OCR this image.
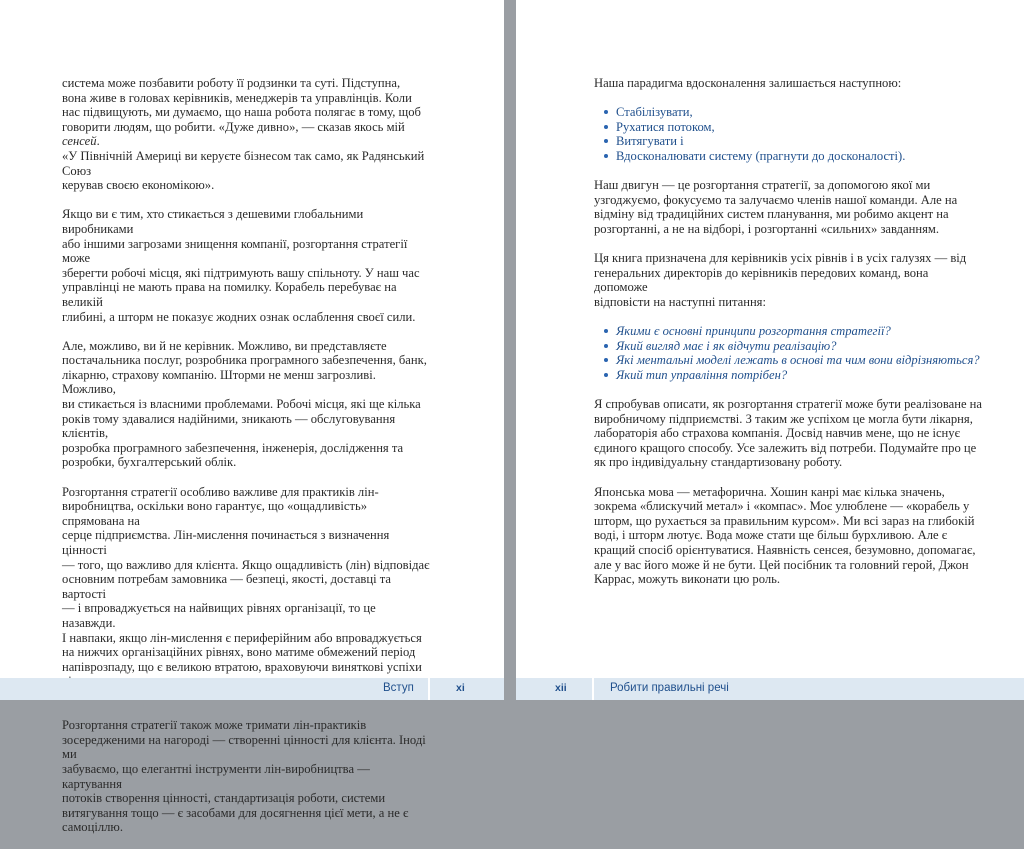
система може позбавити роботу її родзинки та суті. Підступна,
вона живе в головах керівників, менеджерів та управлінців. Коли
нас підвищують, ми думаємо, що наша робота полягає в тому, щоб
говорити людям, що робити. «Дуже дивно», — сказав якось мій сенсей.
«У Північній Америці ви керуєте бізнесом так само, як Радянський Союз
керував своєю економікою».

Якщо ви є тим, хто стикається з дешевими глобальними виробниками
або іншими загрозами знищення компанії, розгортання стратегії може
зберегти робочі місця, які підтримують вашу спільноту. У наш час
управлінці не мають права на помилку. Корабель перебуває на великій
глибині, а шторм не показує жодних ознак ослаблення своєї сили.

Але, можливо, ви й не керівник. Можливо, ви представляєте
постачальника послуг, розробника програмного забезпечення, банк,
лікарню, страхову компанію. Шторми не менш загрозливі. Можливо,
ви стикається із власними проблемами. Робочі місця, які ще кілька
років тому здавалися надійними, зникають — обслуговування клієнтів,
розробка програмного забезпечення, інженерія, дослідження та
розробки, бухгалтерський облік.

Розгортання стратегії особливо важливе для практиків лін-
виробництва, оскільки воно гарантує, що «ощадливість» спрямована на
серце підприємства. Лін-мислення починається з визначення цінності
— того, що важливо для клієнта. Якщо ощадливість (лін) відповідає
основним потребам замовника — безпеці, якості, доставці та вартості
— і впроваджується на найвищих рівнях організації, то це назавжди.
І навпаки, якщо лін-мислення є периферійним або впроваджується
на нижчих організаційних рівнях, воно матиме обмежений період
напіврозпаду, що є великою втратою, враховуючи виняткові успіхи

Розгортання стратегії також може тримати лін-практиків
зосередженими на нагороді — створенні цінності для клієнта. Іноді ми
забуваємо, що елегантні інструменти лін-виробництва — картування
потоків створення цінності, стандартизація роботи, системи
витягування тощо — є засобами для досягнення цієї мети, а не є
самоціллю.

Вступ	xi

Наша парадигма вдосконалення залишається наступною:

Стабілізувати,
Рухатися потоком,
Витягувати і
Вдосконалювати систему (прагнути до досконалості).

Наш двигун — це розгортання стратегії, за допомогою якої ми
узгоджуємо, фокусуємо та залучаємо членів нашої команди. Але на
відміну від традиційних систем планування, ми робимо акцент на
розгортанні, а не на відборі, і розгортанні «сильних» завданням.

Ця книга призначена для керівників усіх рівнів і в усіх галузях — від
генеральних директорів до керівників передових команд, вона допоможе
відповісти на наступні питання:

Якими є основні принципи розгортання стратегії?
Який вигляд має і як відчути реалізацію?
Які ментальні моделі лежать в основі та чим вони відрізняються?
Який тип управління потрібен?

Я спробував описати, як розгортання стратегії може бути реалізоване на
виробничому підприємстві. З таким же успіхом це могла бути лікарня,
лабораторія або страхова компанія. Досвід навчив мене, що не існує
єдиного кращого способу. Усе залежить від потреби. Подумайте про це
як про індивідуальну стандартизовану роботу.

Японська мова — метафорична. Хошин канрі має кілька значень,
зокрема «блискучий метал» і «компас». Моє улюблене — «корабель у
шторм, що рухається за правильним курсом». Ми всі зараз на глибокій
воді, і шторм лютує. Вода може стати ще більш бурхливою. Але є
кращий спосіб орієнтуватися. Наявність сенсея, безумовно, допомагає,
але у вас його може й не бути. Цей посібник та головний герой, Джон
Каррас, можуть виконати цю роль.

xii	Робити правильні речі
